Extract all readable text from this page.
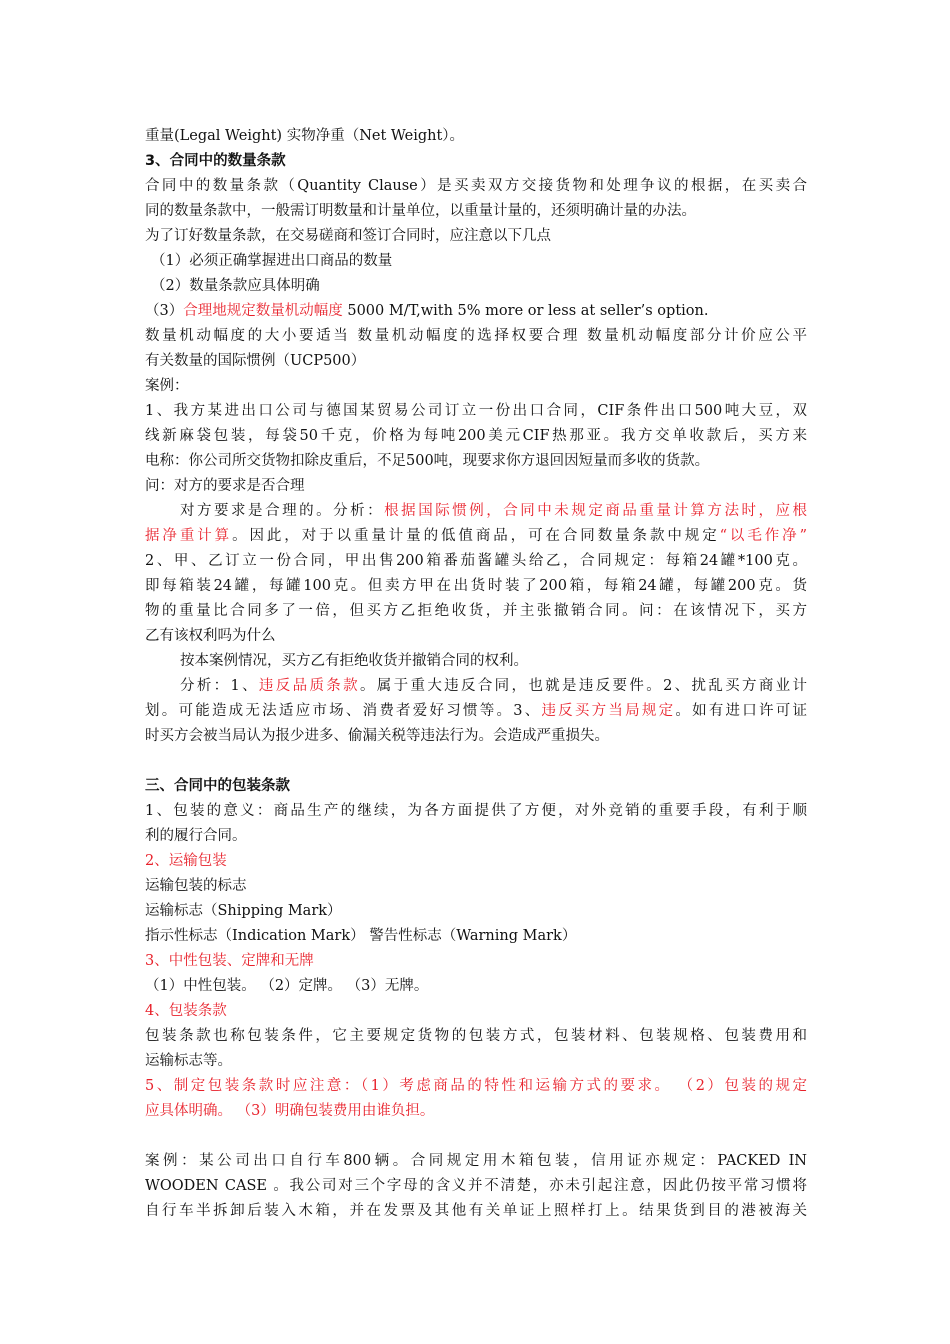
重量(Legal Weight) 实物净重（Net Weight）。
3、合同中的数量条款
合同中的数量条款（Quantity Clause）是买卖双方交接货物和处理争议的根据，在买卖合
同的数量条款中，一般需订明数量和计量单位，以重量计量的，还须明确计量的办法。
为了订好数量条款，在交易磋商和签订合同时，应注意以下几点
（1）必须正确掌握进出口商品的数量
（2）数量条款应具体明确
（3）合理地规定数量机动幅度 5000 M/T,with 5% more or less at seller’s option.
数量机动幅度的大小要适当 数量机动幅度的选择权要合理 数量机动幅度部分计价应公平
有关数量的国际惯例（UCP500）
案例：
1、我方某进出口公司与德国某贸易公司订立一份出口合同，CIF条件出口500吨大豆，双
线新麻袋包装，每袋50千克，价格为每吨200美元CIF热那亚。我方交单收款后，买方来
电称：你公司所交货物扣除皮重后，不足500吨，现要求你方退回因短量而多收的货款。
问：对方的要求是否合理
对方要求是合理的。分析：根据国际惯例，合同中未规定商品重量计算方法时，应根
据净重计算。因此，对于以重量计量的低值商品，可在合同数量条款中规定“以毛作净”
2、甲、乙订立一份合同，甲出售200箱番茄酱罐头给乙，合同规定：每箱24罐*100克。
即每箱装24罐，每罐100克。但卖方甲在出货时装了200箱，每箱24罐，每罐200克。货
物的重量比合同多了一倍，但买方乙拒绝收货，并主张撤销合同。问：在该情况下，买方
乙有该权利吗为什么
按本案例情况，买方乙有拒绝收货并撤销合同的权利。
分析：1、违反品质条款。属于重大违反合同，也就是违反要件。2、扰乱买方商业计
划。可能造成无法适应市场、消费者爱好习惯等。3、违反买方当局规定。如有进口许可证
时买方会被当局认为报少进多、偷漏关税等违法行为。会造成严重损失。
三、合同中的包装条款
1、包装的意义：商品生产的继续，为各方面提供了方便，对外竞销的重要手段，有利于顺
利的履行合同。
2、运输包装
运输包装的标志
运输标志（Shipping Mark）
指示性标志（Indication Mark） 警告性标志（Warning Mark）
3、中性包装、定牌和无牌
（1）中性包装。 （2）定牌。 （3）无牌。
4、包装条款
包装条款也称包装条件，它主要规定货物的包装方式，包装材料、包装规格、包装费用和
运输标志等。
5、制定包装条款时应注意：（1）考虑商品的特性和运输方式的要求。 （2）包装的规定
应具体明确。 （3）明确包装费用由谁负担。
案例：某公司出口自行车800辆。合同规定用木箱包装，信用证亦规定：PACKED IN
WOODEN CASE 。我公司对三个字母的含义并不清楚，亦未引起注意，因此仍按平常习惯将
自行车半拆卸后装入木箱，并在发票及其他有关单证上照样打上。结果货到目的港被海关
